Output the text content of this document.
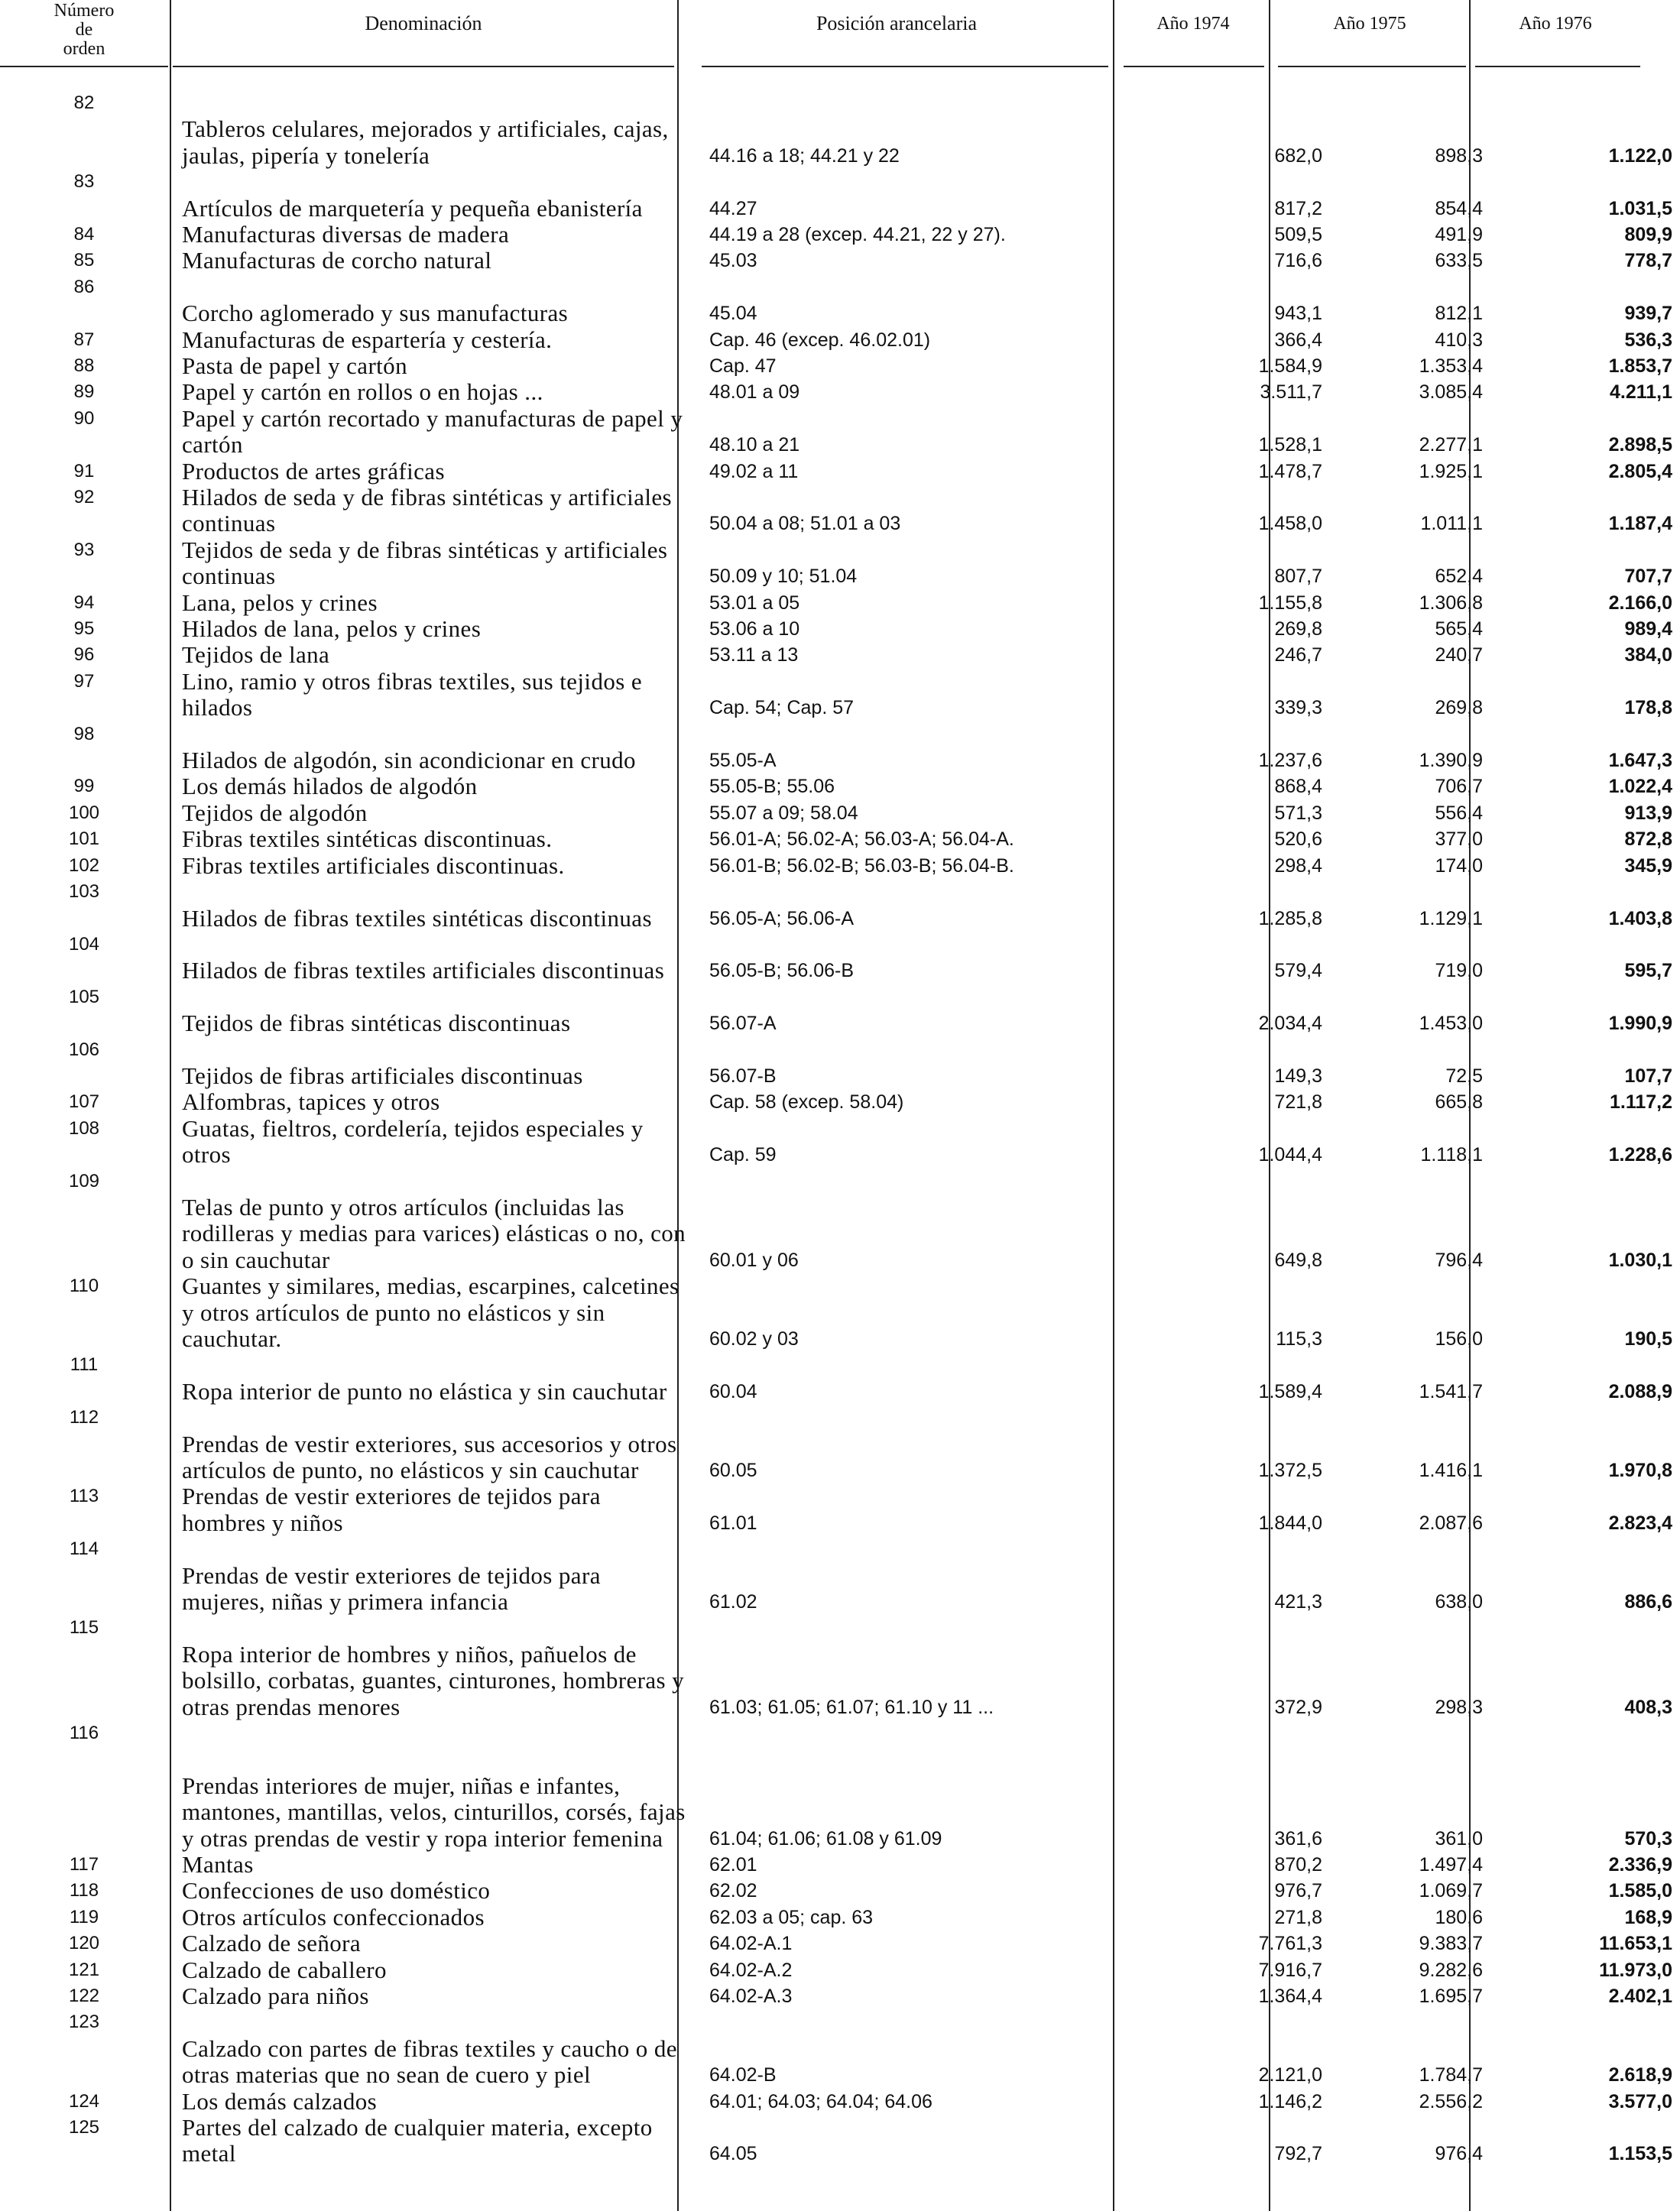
Número
de
orden
Denominación	Posición arancelaria	Año 1974	Año 1975	Año 1976
82	Tableros celulares, mejorados y artificiales, cajas, jaulas, pipería y tonelería	44.16 a 18; 44.21 y 22	682,0	898,3	1.122,0
83	Artículos de marquetería y pequeña ebanistería	44.27	817,2	854,4	1.031,5
84	Manufacturas diversas de madera	44.19 a 28 (excep. 44.21, 22 y 27).	509,5	491,9	809,9
85	Manufacturas de corcho natural	45.03	716,6	633,5	778,7
86	Corcho aglomerado y sus manufacturas	45.04	943,1	812,1	939,7
87	Manufacturas de espartería y cestería.	Cap. 46 (excep. 46.02.01)	366,4	410,3	536,3
88	Pasta de papel y cartón	Cap. 47	1.584,9	1.353,4	1.853,7
89	Papel y cartón en rollos o en hojas ...	48.01 a 09	3.511,7	3.085,4	4.211,1
90	Papel y cartón recortado y manufacturas de papel y cartón	48.10 a 21	1.528,1	2.277,1	2.898,5
91	Productos de artes gráficas	49.02 a 11	1.478,7	1.925,1	2.805,4
92	Hilados de seda y de fibras sintéticas y artificiales continuas	50.04 a 08; 51.01 a 03	1.458,0	1.011,1	1.187,4
93	Tejidos de seda y de fibras sintéticas y artificiales continuas	50.09 y 10; 51.04	807,7	652,4	707,7
94	Lana, pelos y crines	53.01 a 05	1.155,8	1.306,8	2.166,0
95	Hilados de lana, pelos y crines	53.06 a 10	269,8	565,4	989,4
96	Tejidos de lana	53.11 a 13	246,7	240,7	384,0
97	Lino, ramio y otros fibras textiles, sus tejidos e hilados	Cap. 54; Cap. 57	339,3	269,8	178,8
98	Hilados de algodón, sin acondicionar en crudo	55.05-A	1.237,6	1.390,9	1.647,3
99	Los demás hilados de algodón	55.05-B; 55.06	868,4	706,7	1.022,4
100	Tejidos de algodón	55.07 a 09; 58.04	571,3	556,4	913,9
101	Fibras textiles sintéticas discontinuas.	56.01-A; 56.02-A; 56.03-A; 56.04-A.	520,6	377,0	872,8
102	Fibras textiles artificiales discontinuas.	56.01-B; 56.02-B; 56.03-B; 56.04-B.	298,4	174,0	345,9
103	Hilados de fibras textiles sintéticas discontinuas	56.05-A; 56.06-A	1.285,8	1.129,1	1.403,8
104	Hilados de fibras textiles artificiales discontinuas	56.05-B; 56.06-B	579,4	719,0	595,7
105	Tejidos de fibras sintéticas discontinuas	56.07-A	2.034,4	1.453,0	1.990,9
106	Tejidos de fibras artificiales discontinuas	56.07-B	149,3	72,5	107,7
107	Alfombras, tapices y otros	Cap. 58 (excep. 58.04)	721,8	665,8	1.117,2
108	Guatas, fieltros, cordelería, tejidos especiales y otros	Cap. 59	1.044,4	1.118,1	1.228,6
109	Telas de punto y otros artículos (incluidas las rodilleras y medias para varices) elásticas o no, con o sin cauchutar	60.01 y 06	649,8	796,4	1.030,1
110	Guantes y similares, medias, escarpines, calcetines y otros artículos de punto no elásticos y sin cauchutar.	60.02 y 03	115,3	156,0	190,5
111	Ropa interior de punto no elástica y sin cauchutar	60.04	1.589,4	1.541,7	2.088,9
112	Prendas de vestir exteriores, sus accesorios y otros artículos de punto, no elásticos y sin cauchutar	60.05	1.372,5	1.416,1	1.970,8
113	Prendas de vestir exteriores de tejidos para hombres y niños	61.01	1.844,0	2.087,6	2.823,4
114	Prendas de vestir exteriores de tejidos para mujeres, niñas y primera infancia	61.02	421,3	638,0	886,6
115	Ropa interior de hombres y niños, pañuelos de bolsillo, corbatas, guantes, cinturones, hombreras y otras prendas menores	61.03; 61.05; 61.07; 61.10 y 11 ...	372,9	298,3	408,3
116	Prendas interiores de mujer, niñas e infantes, mantones, mantillas, velos, cinturillos, corsés, fajas y otras prendas de vestir y ropa interior femenina	61.04; 61.06; 61.08 y 61.09	361,6	361,0	570,3
117	Mantas	62.01	870,2	1.497,4	2.336,9
118	Confecciones de uso doméstico	62.02	976,7	1.069,7	1.585,0
119	Otros artículos confeccionados	62.03 a 05; cap. 63	271,8	180,6	168,9
120	Calzado de señora	64.02-A.1	7.761,3	9.383,7	11.653,1
121	Calzado de caballero	64.02-A.2	7.916,7	9.282,6	11.973,0
122	Calzado para niños	64.02-A.3	1.364,4	1.695,7	2.402,1
123	Calzado con partes de fibras textiles y caucho o de otras materias que no sean de cuero y piel	64.02-B	2.121,0	1.784,7	2.618,9
124	Los demás calzados	64.01; 64.03; 64.04; 64.06	1.146,2	2.556,2	3.577,0
125	Partes del calzado de cualquier materia, excepto metal	64.05	792,7	976,4	1.153,5
